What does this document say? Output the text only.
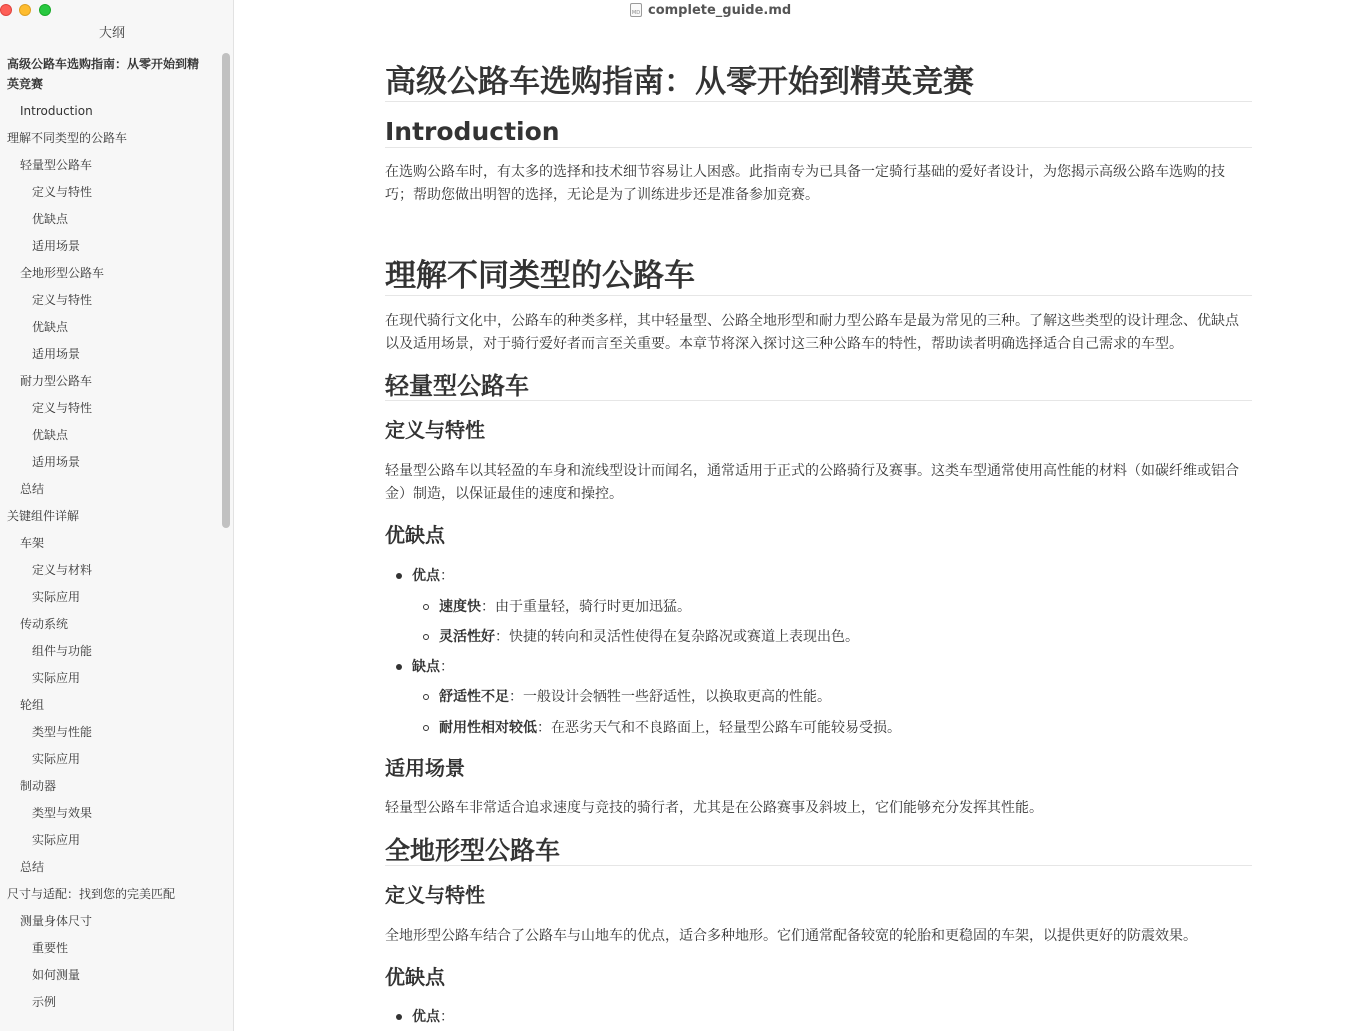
大纲
高级公路车选购指南：从零开始到精英竞赛
Introduction
理解不同类型的公路车
轻量型公路车
定义与特性
优缺点
适用场景
全地形型公路车
定义与特性
优缺点
适用场景
耐力型公路车
定义与特性
优缺点
适用场景
总结
关键组件详解
车架
定义与材料
实际应用
传动系统
组件与功能
实际应用
轮组
类型与性能
实际应用
制动器
类型与效果
实际应用
总结
尺寸与适配：找到您的完美匹配
测量身体尺寸
重要性
如何测量
示例
MD complete_guide.md
高级公路车选购指南：从零开始到精英竞赛
Introduction
在选购公路车时，有太多的选择和技术细节容易让人困惑。此指南专为已具备一定骑行基础的爱好者设计，为您揭示高级公路车选购的技巧；帮助您做出明智的选择，无论是为了训练进步还是准备参加竞赛。
理解不同类型的公路车
在现代骑行文化中，公路车的种类多样，其中轻量型、公路全地形型和耐力型公路车是最为常见的三种。了解这些类型的设计理念、优缺点以及适用场景，对于骑行爱好者而言至关重要。本章节将深入探讨这三种公路车的特性，帮助读者明确选择适合自己需求的车型。
轻量型公路车
定义与特性
轻量型公路车以其轻盈的车身和流线型设计而闻名，通常适用于正式的公路骑行及赛事。这类车型通常使用高性能的材料（如碳纤维或铝合金）制造，以保证最佳的速度和操控。
优缺点
优点：
速度快：由于重量轻，骑行时更加迅猛。
灵活性好：快捷的转向和灵活性使得在复杂路况或赛道上表现出色。
缺点：
舒适性不足：一般设计会牺牲一些舒适性，以换取更高的性能。
耐用性相对较低：在恶劣天气和不良路面上，轻量型公路车可能较易受损。
适用场景
轻量型公路车非常适合追求速度与竞技的骑行者，尤其是在公路赛事及斜坡上，它们能够充分发挥其性能。
全地形型公路车
定义与特性
全地形型公路车结合了公路车与山地车的优点，适合多种地形。它们通常配备较宽的轮胎和更稳固的车架，以提供更好的防震效果。
优缺点
优点：
